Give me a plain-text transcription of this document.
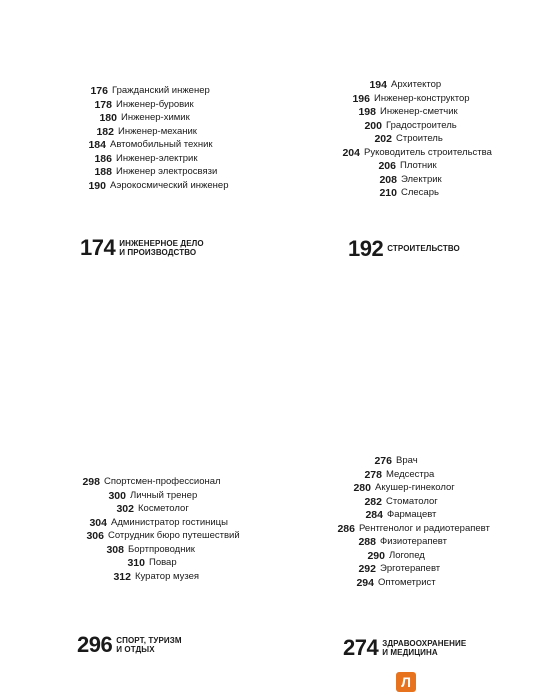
176 Гражданский инженер
178 Инженер-буровик
180 Инженер-химик
182 Инженер-механик
184 Автомобильный техник
186 Инженер-электрик
188 Инженер электросвязи
190 Аэрокосмический инженер
174 ИНЖЕНЕРНОЕ ДЕЛО
И ПРОИЗВОДСТВО
194 Архитектор
196 Инженер-конструктор
198 Инженер-сметчик
200 Градостроитель
202 Строитель
204 Руководитель строительства
206 Плотник
208 Электрик
210 Слесарь
192 СТРОИТЕЛЬСТВО
298 Спортсмен-профессионал
300 Личный тренер
302 Косметолог
304 Администратор гостиницы
306 Сотрудник бюро путешествий
308 Бортпроводник
310 Повар
312 Куратор музея
296 СПОРТ, ТУРИЗМ
И ОТДЫХ
276 Врач
278 Медсестра
280 Акушер-гинеколог
282 Стоматолог
284 Фармацевт
286 Рентгенолог и радиотерапевт
288 Физиотерапевт
290 Логопед
292 Эрготерапевт
294 Оптометрист
274 ЗДРАВООХРАНЕНИЕ
И МЕДИЦИНА
Л
